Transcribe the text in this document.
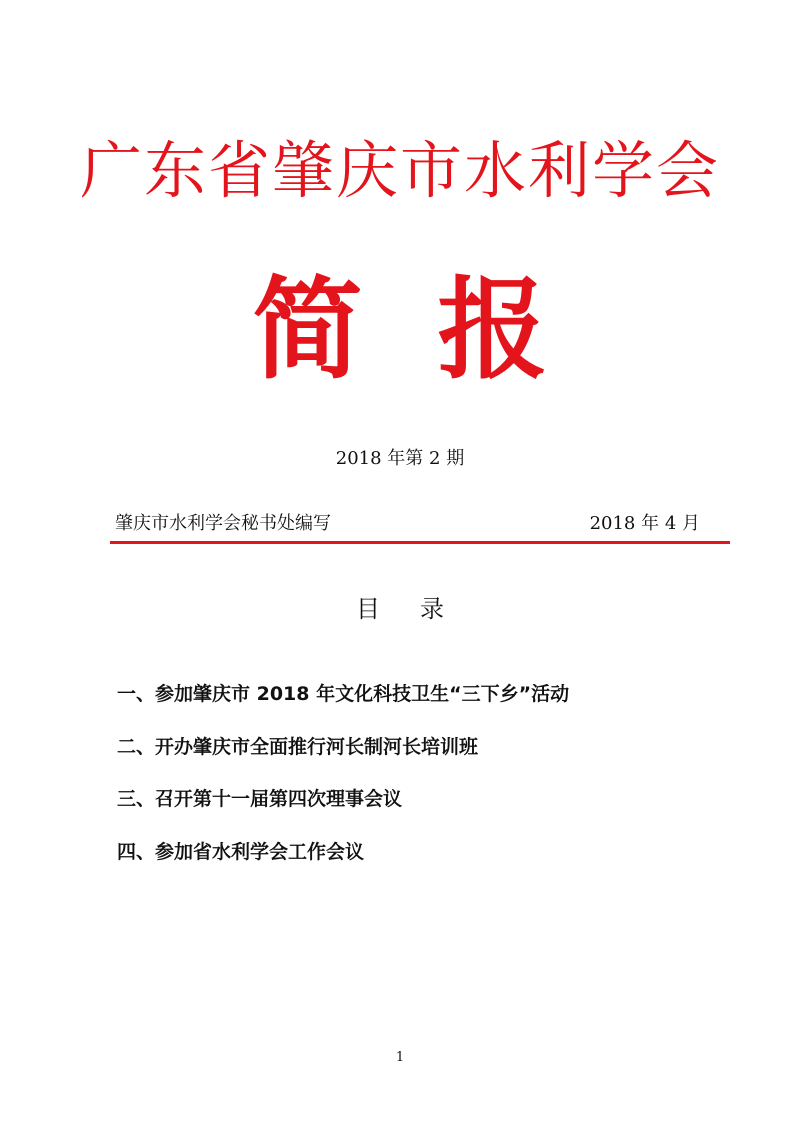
广东省肇庆市水利学会
简 报
2018 年第 2 期
肇庆市水利学会秘书处编写	2018 年 4 月
目录
一、参加肇庆市 2018 年文化科技卫生“三下乡”活动
二、开办肇庆市全面推行河长制河长培训班
三、召开第十一届第四次理事会议
四、参加省水利学会工作会议
1
